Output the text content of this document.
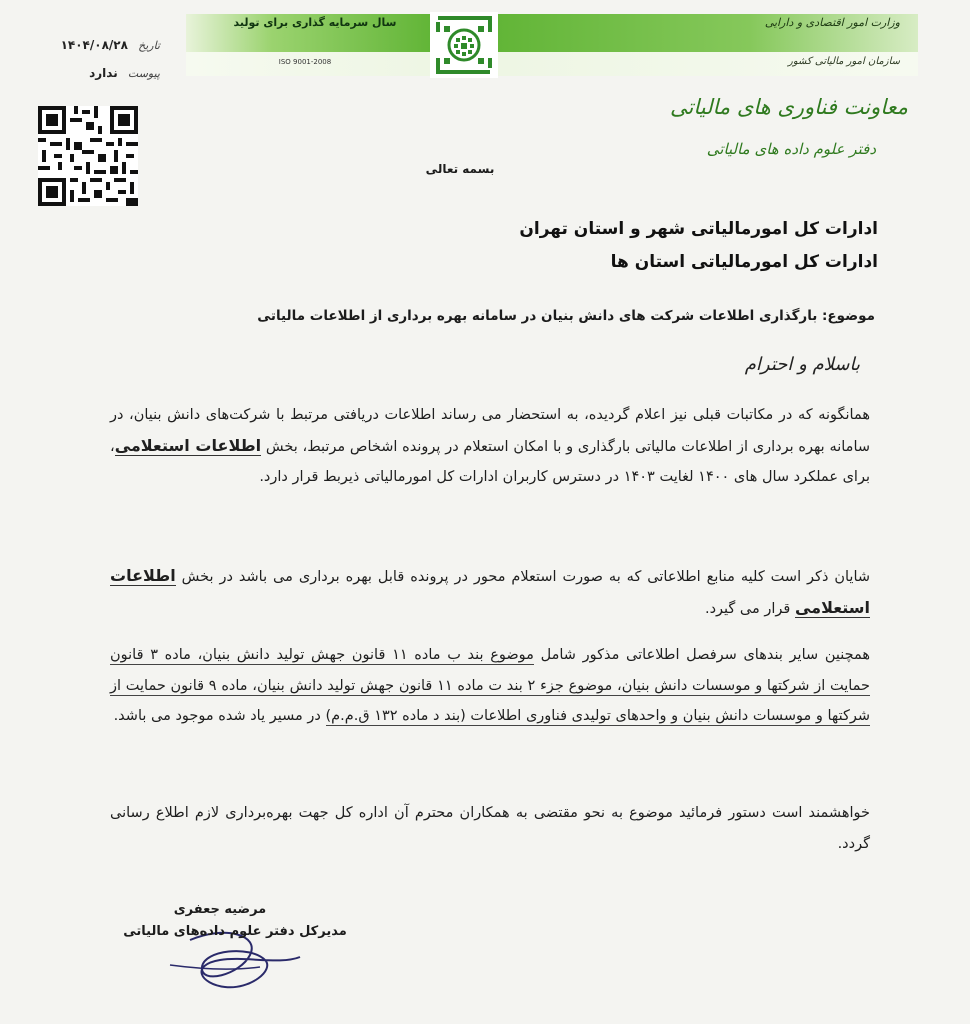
سال سرمایه گذاری برای تولید
ISO 9001-2008
وزارت امور اقتصادی و دارایی
سازمان امور مالیاتی کشور
تاریخ ۱۴۰۴/۰۸/۲۸
پیوست ندارد
معاونت فناوری های مالیاتی
دفتر علوم داده های مالیاتی
بسمه تعالی
ادارات کل امورمالیاتی شهر و استان تهران
ادارات کل امورمالیاتی استان ها
موضوع: بارگذاری اطلاعات شرکت های دانش بنیان در سامانه بهره برداری از اطلاعات مالیاتی
باسلام و احترام
همانگونه که در مکاتبات قبلی نیز اعلام گردیده، به استحضار می رساند اطلاعات دریافتی مرتبط با شرکت‌های دانش بنیان، در سامانه بهره برداری از اطلاعات مالیاتی بارگذاری و با امکان استعلام در پرونده اشخاص مرتبط، بخش اطلاعات استعلامی، برای عملکرد سال های ۱۴۰۰ لغایت ۱۴۰۳ در دسترس کاربران ادارات کل امورمالیاتی ذیربط قرار دارد.
شایان ذکر است کلیه منابع اطلاعاتی که به صورت استعلام محور در پرونده قابل بهره برداری می باشد در بخش اطلاعات استعلامی قرار می گیرد.
همچنین سایر بندهای سرفصل اطلاعاتی مذکور شامل موضوع بند ب ماده ۱۱ قانون جهش تولید دانش بنیان، ماده ۳ قانون حمایت از شرکتها و موسسات دانش بنیان، موضوع جزء ۲ بند ت ماده ۱۱ قانون جهش تولید دانش بنیان، ماده ۹ قانون حمایت از شرکتها و موسسات دانش بنیان و واحدهای تولیدی فناوری اطلاعات (بند د ماده ۱۳۲ ق.م.م) در مسیر یاد شده موجود می باشد.
خواهشمند است دستور فرمائید موضوع به نحو مقتضی به همکاران محترم آن اداره کل جهت بهره‌برداری لازم اطلاع رسانی گردد.
مرضیه جعفری
مدیرکل دفتر علوم داده‌های مالیاتی
